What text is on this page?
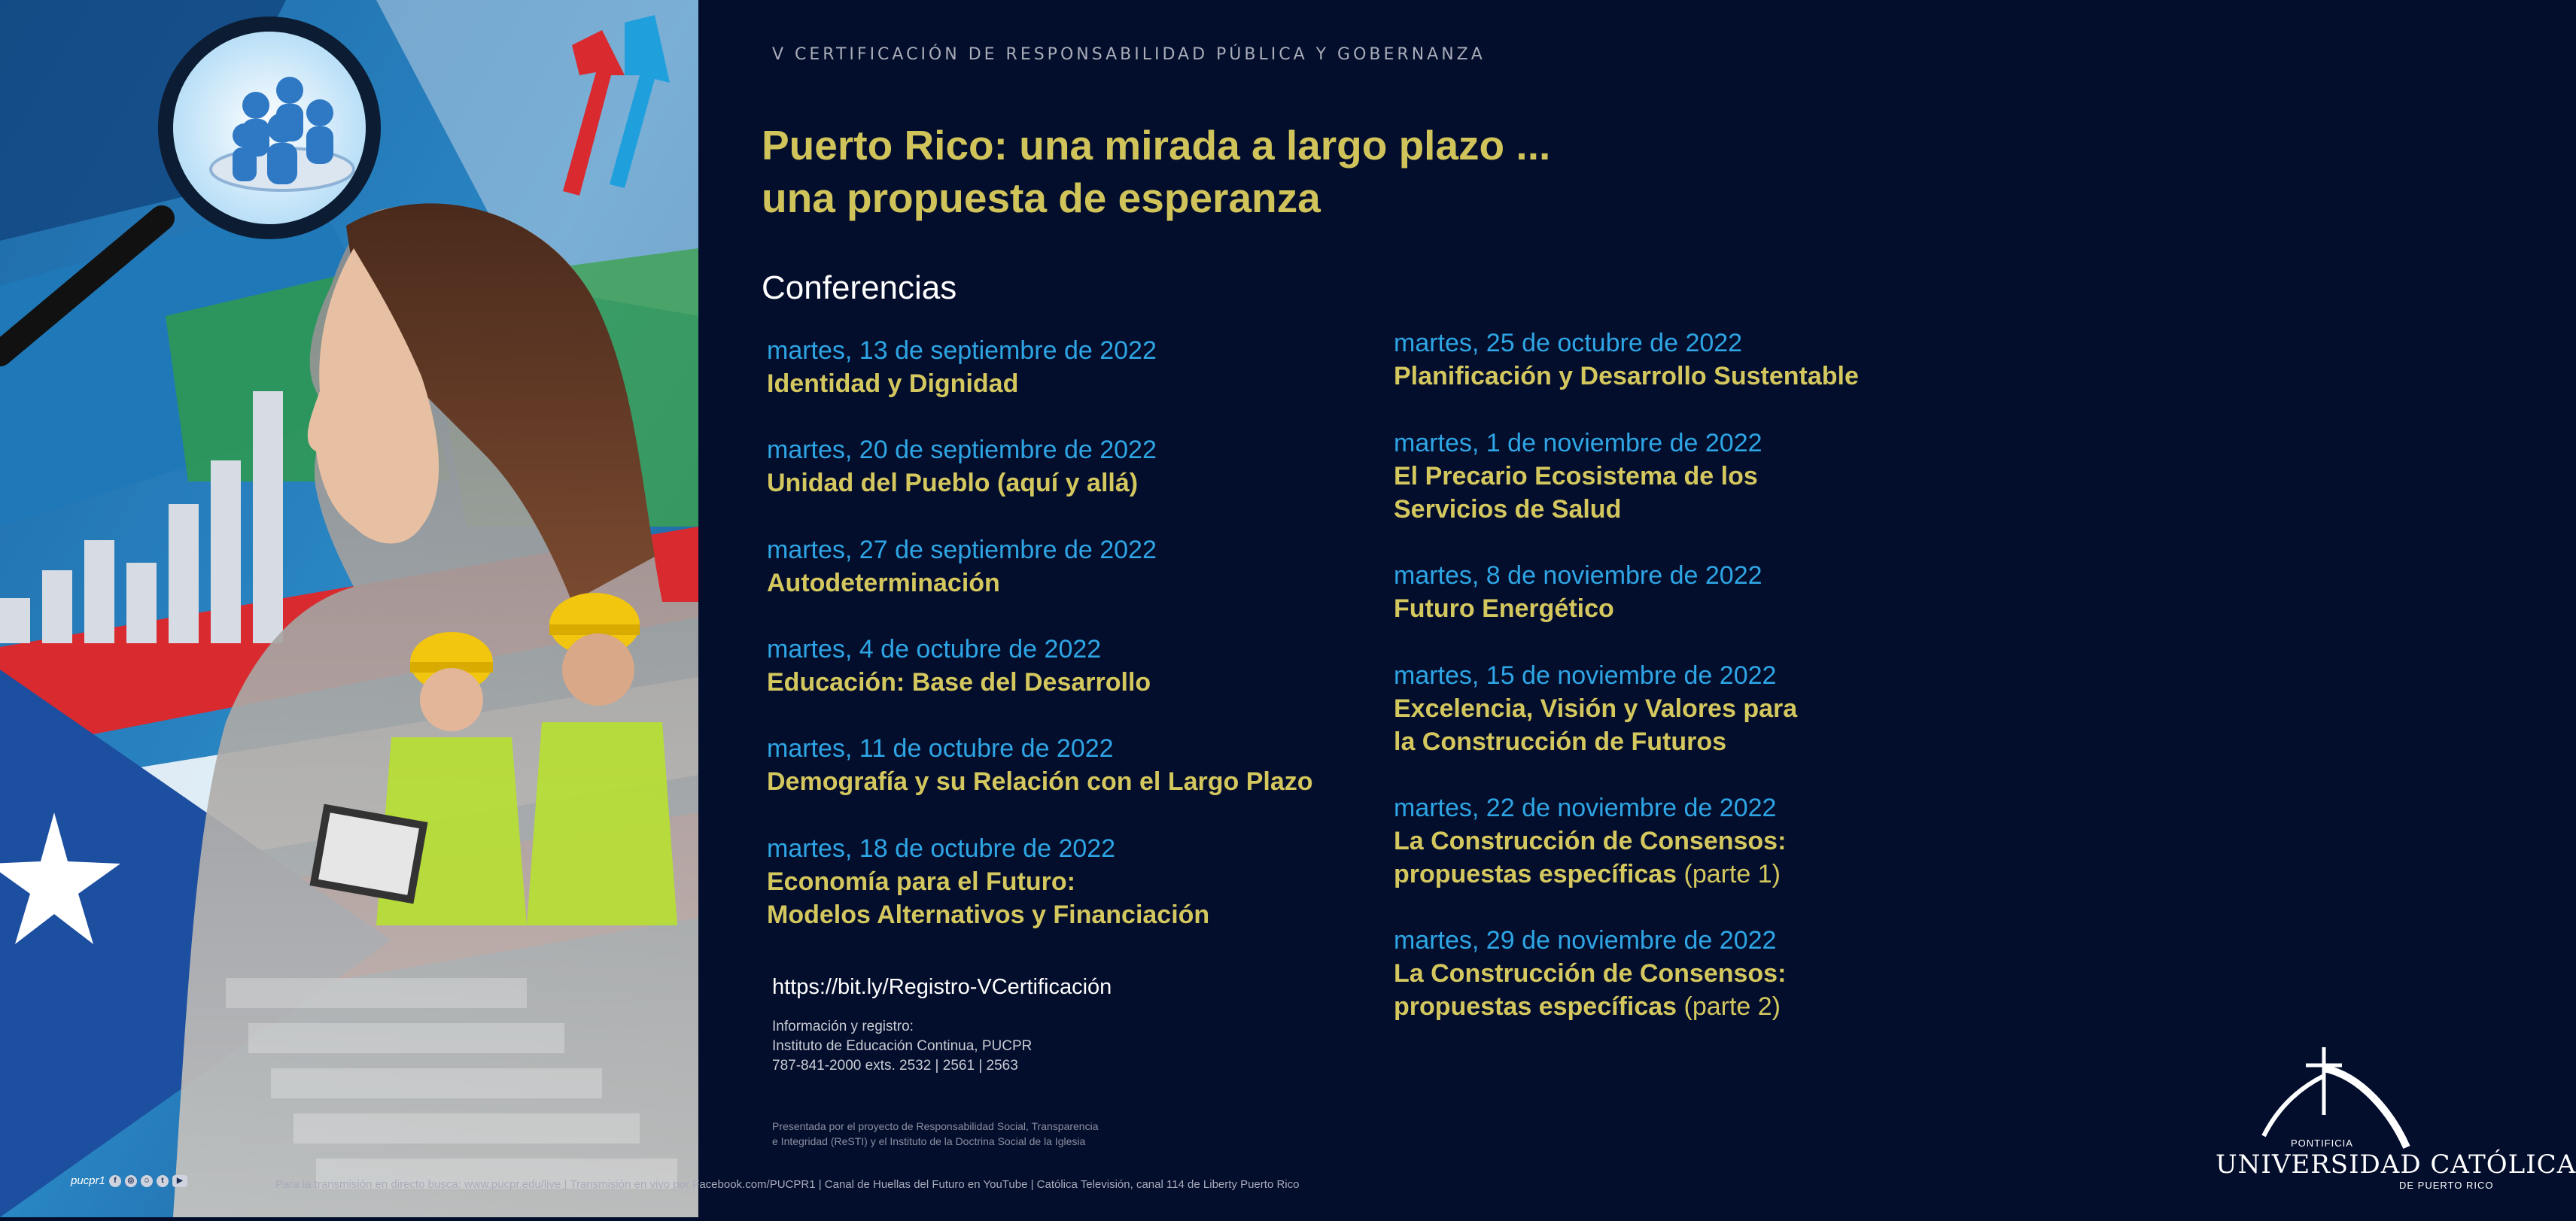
V CERTIFICACIÓN DE RESPONSABILIDAD PÚBLICA Y GOBERNANZA
Puerto Rico: una mirada a largo plazo ...
una propuesta de esperanza
Conferencias
martes, 13 de septiembre de 2022
Identidad y Dignidad
martes, 20 de septiembre de 2022
Unidad del Pueblo (aquí y allá)
martes, 27 de septiembre de 2022
Autodeterminación
martes, 4 de octubre de 2022
Educación: Base del Desarrollo
martes, 11 de octubre de 2022
Demografía y su Relación con el Largo Plazo
martes, 18 de octubre de 2022
Economía para el Futuro:
Modelos Alternativos y Financiación
martes, 25 de octubre de 2022
Planificación y Desarrollo Sustentable
martes, 1 de noviembre de 2022
El Precario Ecosistema de los
Servicios de Salud
martes, 8 de noviembre de 2022
Futuro Energético
martes, 15 de noviembre de 2022
Excelencia, Visión y Valores para
la Construcción de Futuros
martes, 22 de noviembre de 2022
La Construcción de Consensos:
propuestas específicas (parte 1)
martes, 29 de noviembre de 2022
La Construcción de Consensos:
propuestas específicas (parte 2)
https://bit.ly/Registro-VCertificación
Información y registro:
Instituto de Educación Continua, PUCPR
787-841-2000 exts. 2532 | 2561 | 2563
Presentada por el proyecto de Responsabilidad Social, Transparencia
e Integridad (ReSTI) y el Instituto de la Doctrina Social de la Iglesia	PONTIFICIA
UNIVERSIDAD CATÓLICA
DE PUERTO RICO
pucpr1	f	◎	☺	t	▶	Para la transmisión en directo busca: www.pucpr.edu/live | Transmisión en vivo por Facebook.com/PUCPR1 | Canal de Huellas del Futuro en YouTube | Católica Televisión, canal 114 de Liberty Puerto Rico
